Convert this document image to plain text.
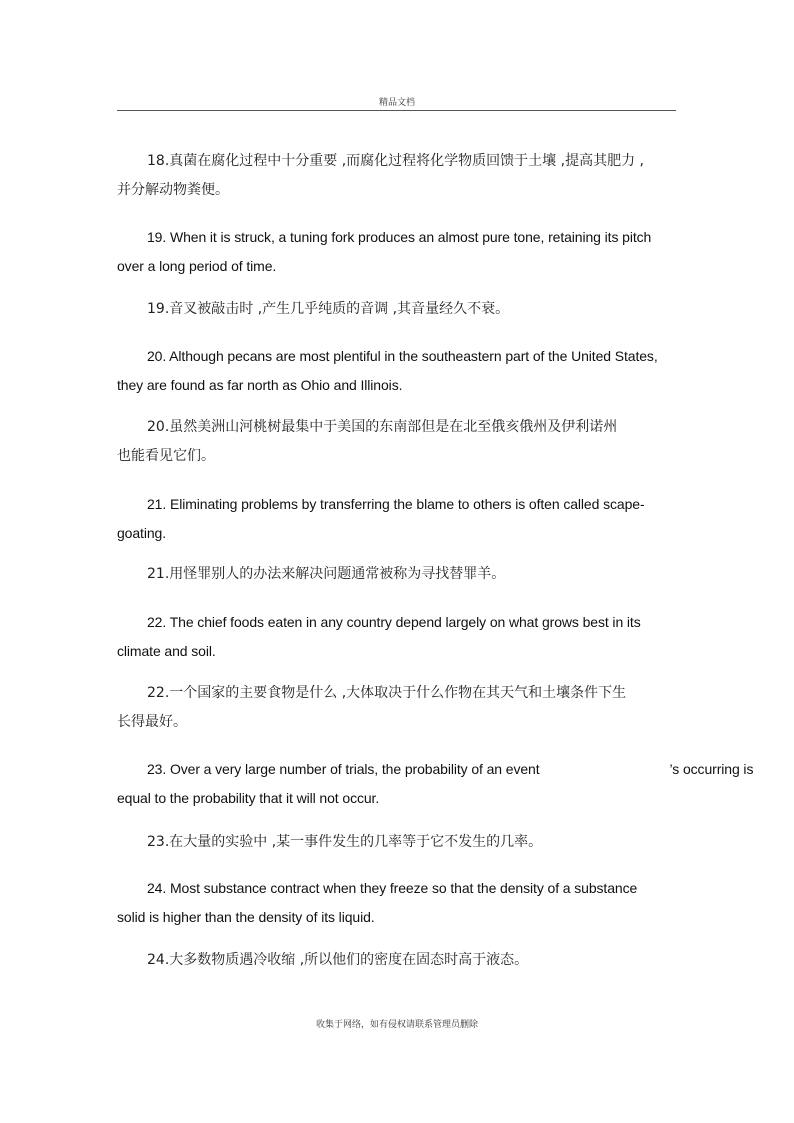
精品文档
18.真菌在腐化过程中十分重要 ,而腐化过程将化学物质回馈于土壤 ,提高其肥力 ,
并分解动物粪便。
19. When it is struck, a tuning fork produces an almost pure tone, retaining its pitch
over a long period of time.
19.音叉被敲击时 ,产生几乎纯质的音调 ,其音量经久不衰。
20. Although pecans are most plentiful in the southeastern part of the United States,
they are found as far north as Ohio and Illinois.
20.虽然美洲山河桃树最集中于美国的东南部但是在北至俄亥俄州及伊利诺州
也能看见它们。
21. Eliminating problems by transferring the blame to others is often called scape-
goating.
21.用怪罪别人的办法来解决问题通常被称为寻找替罪羊。
22. The chief foods eaten in any country depend largely on what grows best in its
climate and soil.
22.一个国家的主要食物是什么 ,大体取决于什么作物在其天气和土壤条件下生
长得最好。
23. Over a very large number of trials, the probability of an event	’s occurring is
equal to the probability that it will not occur.
23.在大量的实验中 ,某一事件发生的几率等于它不发生的几率。
24. Most substance contract when they freeze so that the density of a substance
solid is higher than the density of its liquid.
24.大多数物质遇冷收缩 ,所以他们的密度在固态时高于液态。
收集于网络，如有侵权请联系管理员删除
